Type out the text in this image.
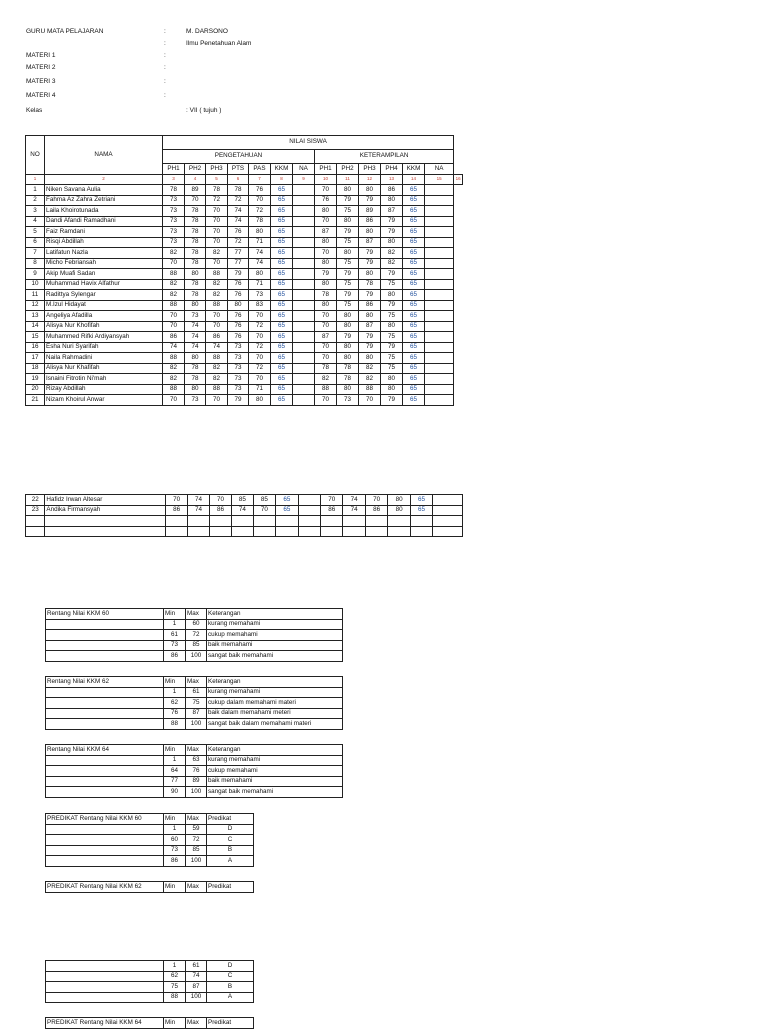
GURU MATA PELAJARAN	:	M. DARSONO
:	Ilmu Penetahuan Alam
MATERI 1	:
MATERI 2	:
MATERI 3	:
MATERI 4	:
Kelas	: VII ( tujuh )
NO	NAMA	NILAI SISWA													
		PENGETAHUAN							KETERAMPILAN						
		PH1	PH2	PH3	PTS	PAS	KKM	NA	PH1	PH2	PH3	PH4	KKM	NA	
1	2	3	4	5	6	7	8	9	10	11	12	13	14	15	16
1	Niken Savana Aulia	78	89	78	78	76	65		70	80	80	86	65		
2	Fahma Az Zahra Zetriani	73	70	72	72	70	65		76	79	79	80	65		
3	Laila Khoirotunada	73	78	70	74	72	65		80	75	89	87	65		
4	Dandi Afandi Ramadhani	73	78	70	74	78	65		70	80	86	79	65		
5	Faiz Ramdani	73	78	70	76	80	65		87	79	80	79	65		
6	Risqi Abdillah	73	78	70	72	71	65		80	75	87	80	65		
7	Latifatun Nazla	82	78	82	77	74	65		70	80	79	82	65		
8	Micho Febriansah	70	78	70	77	74	65		80	75	79	82	65		
9	Akip Muafi Sadan	88	80	88	79	80	65		79	79	80	79	65		
10	Muhammad Havix Alfathur	82	78	82	76	71	65		80	75	78	75	65		
11	Radittya Sylengar	82	78	82	76	73	65		78	79	79	80	65		
12	M.Izul Hidayat	88	80	88	80	83	65		80	75	86	79	65		
13	Angeliya Afadilla	70	73	70	76	70	65		70	80	80	75	65		
14	Alisya Nur Khofifah	70	74	70	76	72	65		70	80	87	80	65		
15	Muhammed Rifki Ardiyansyah	86	74	86	76	70	65		87	79	79	75	65		
16	Esha Nuri Syarifah	74	74	74	73	72	65		70	80	79	79	65		
17	Naila Rahmadini	88	80	88	73	70	65		70	80	80	75	65		
18	Alisya Nur Khafifah	82	78	82	73	72	65		78	78	82	75	65		
19	Isnaini Fitrotin Ni'mah	82	78	82	73	70	65		82	78	82	80	65		
20	Rizay Abdillah	88	80	88	73	71	65		88	80	88	80	65		
21	Nizam Khoirul Anwar	70	73	70	79	80	65		70	73	70	79	65		
22	Hafidz Irwan Altesar	70	74	70	85	85	65		70	74	70	80	65	
23	Andika Firmansyah	86	74	86	74	70	65		86	74	86	80	65	

Rentang Nilai KKM 60	Min	Max	Keterangan
	1	60	kurang memahami
	61	72	cukup memahami
	73	85	baik memahami
	86	100	sangat baik memahami
Rentang Nilai KKM 62	Min	Max	Keterangan
	1	61	kurang memahami
	62	75	cukup dalam memahami materi
	76	87	baik dalam memahami meteri
	88	100	sangat baik dalam memahami materi
Rentang Nilai KKM 64	Min	Max	Keterangan
	1	63	kurang memahami
	64	76	cukup memahami
	77	89	baik memahami
	90	100	sangat baik memahami
PREDIKAT Rentang Nilai KKM 60	Min	Max	Predikat
	1	59	D
	60	72	C
	73	85	B
	86	100	A
PREDIKAT Rentang Nilai KKM 62	Min	Max	Predikat
	1	61	D
	62	74	C
	75	87	B
	88	100	A
PREDIKAT Rentang Nilai KKM 64	Min	Max	Predikat
